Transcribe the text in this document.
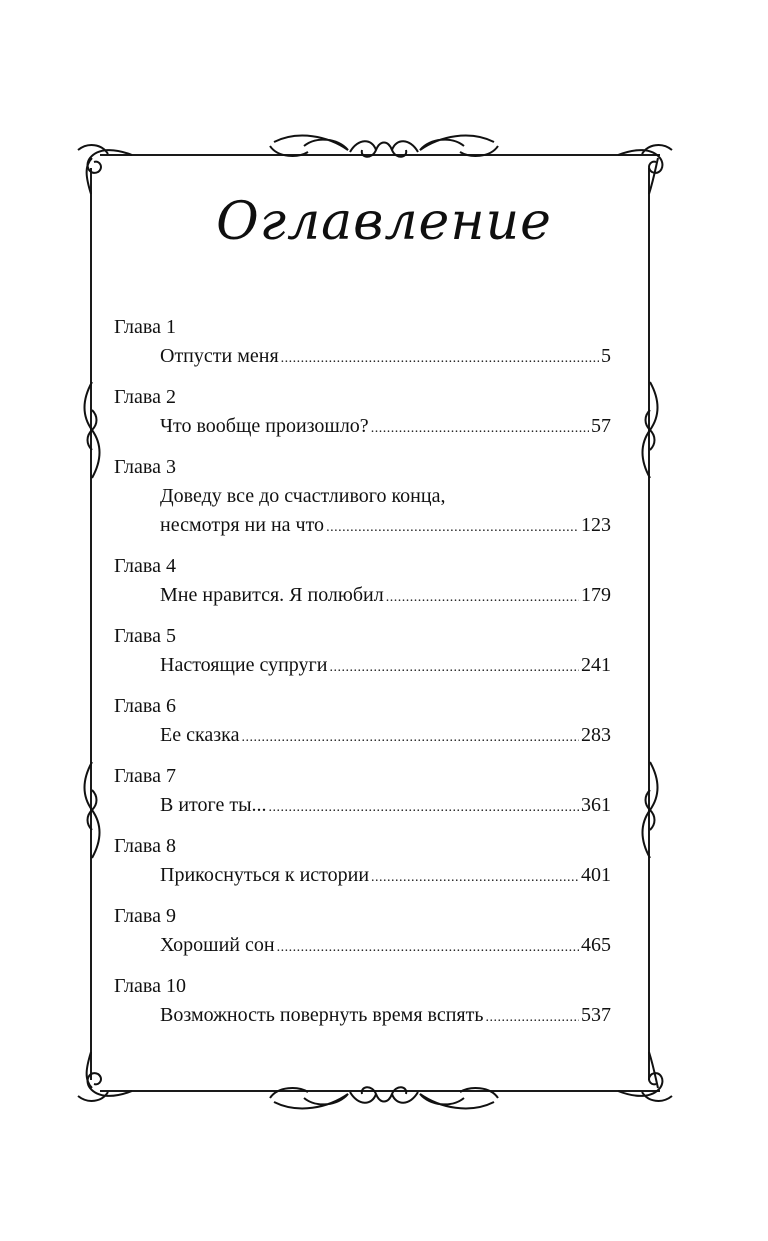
Оглавление
Глава 1
Отпусти меня .....	5
Глава 2
Что вообще произошло? .....	57
Глава 3
Доведу все до счастливого конца,
несмотря ни на что .....	123
Глава 4
Мне нравится. Я полюбил .....	179
Глава 5
Настоящие супруги .....	241
Глава 6
Ее сказка .....	283
Глава 7
В итоге ты... .....	361
Глава 8
Прикоснуться к истории .....	401
Глава 9
Хороший сон .....	465
Глава 10
Возможность повернуть время вспять .....	537
